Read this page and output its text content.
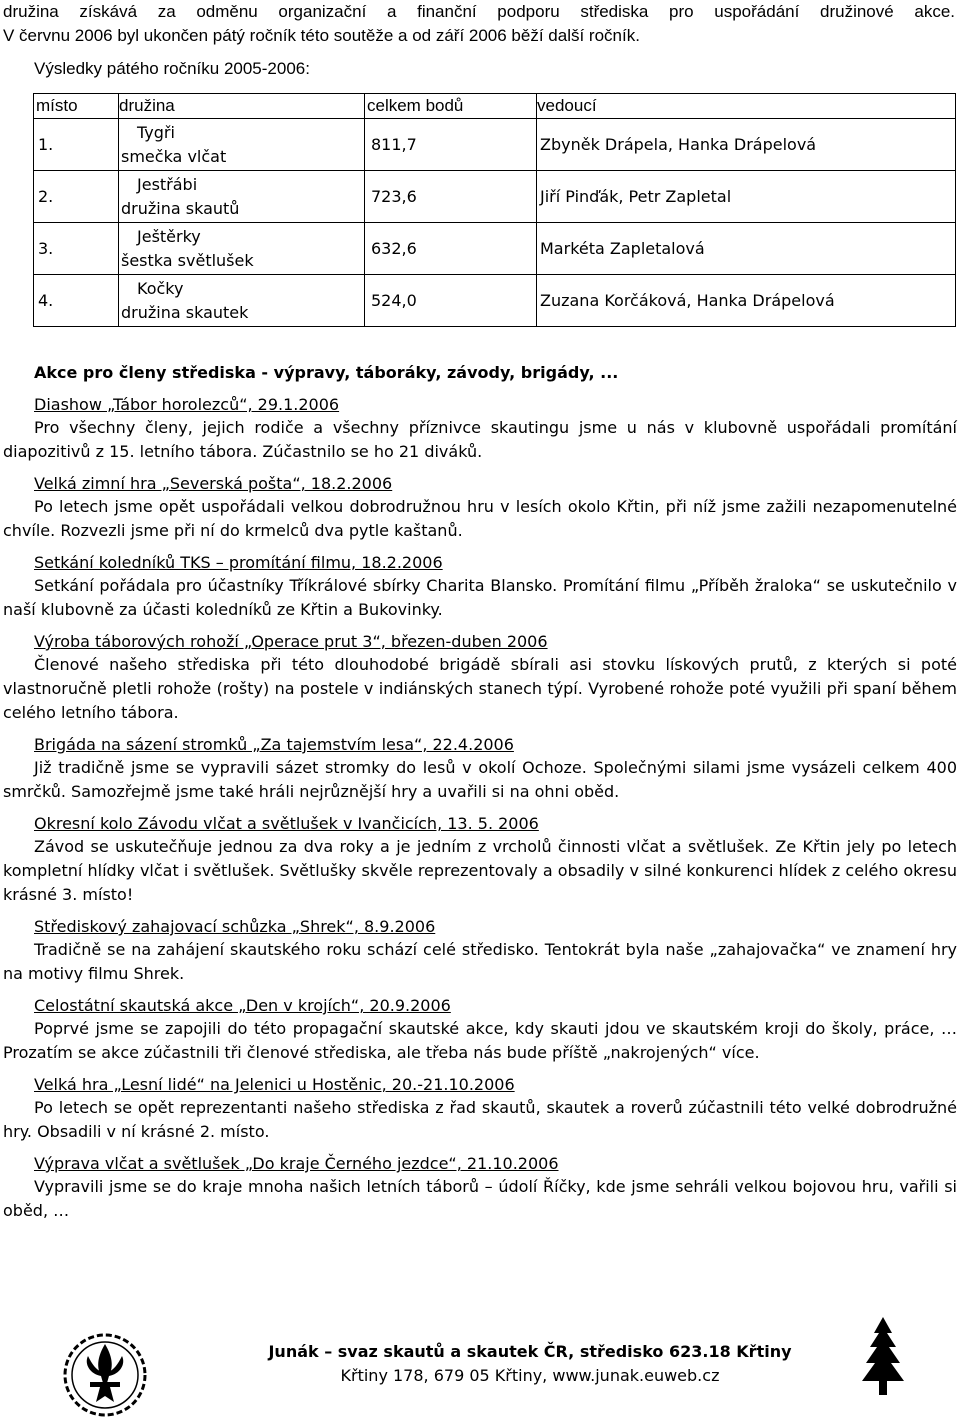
družina získává za odměnu organizační a finanční podporu střediska pro uspořádání družinové akce.

V červnu 2006 byl ukončen pátý ročník této soutěže a od září 2006 běží další ročník.

Výsledky pátého ročníku 2005-2006:
místo	družina	celkem bodů	vedoucí
1.	Tygři
smečka vlčat	811,7	Zbyněk Drápela, Hanka Drápelová
2.	Jestřábi
družina skautů	723,6	Jiří Pinďák, Petr Zapletal
3.	Ještěrky
šestka světlušek	632,6	Markéta Zapletalová
4.	Kočky
družina skautek	524,0	Zuzana Korčáková, Hanka Drápelová
Akce pro členy střediska - výpravy, táboráky, závody, brigády, ...

Diashow „Tábor horolezců“, 29.1.2006

Pro všechny členy, jejich rodiče a všechny příznivce skautingu jsme u nás v klubovně uspořádali promítání diapozitivů z 15. letního tábora. Zúčastnilo se ho 21 diváků.

Velká zimní hra „Severská pošta“, 18.2.2006

Po letech jsme opět uspořádali velkou dobrodružnou hru v lesích okolo Křtin, při níž jsme zažili nezapomenutelné chvíle. Rozvezli jsme při ní do krmelců dva pytle kaštanů.

Setkání koledníků TKS – promítání filmu, 18.2.2006

Setkání pořádala pro účastníky Tříkrálové sbírky Charita Blansko. Promítání filmu „Příběh žraloka“ se uskutečnilo v naší klubovně za účasti koledníků ze Křtin a Bukovinky.

Výroba táborových rohoží „Operace prut 3“, březen-duben 2006

Členové našeho střediska při této dlouhodobé brigádě sbírali asi stovku lískových prutů, z kterých si poté vlastnoručně pletli rohože (rošty) na postele v indiánských stanech týpí. Vyrobené rohože poté využili při spaní během celého letního tábora.

Brigáda na sázení stromků „Za tajemstvím lesa“, 22.4.2006

Již tradičně jsme se vypravili sázet stromky do lesů v okolí Ochoze. Společnými silami jsme vysázeli celkem 400 smrčků. Samozřejmě jsme také hráli nejrůznější hry a uvařili si na ohni oběd.

Okresní kolo Závodu vlčat a světlušek v Ivančicích, 13. 5. 2006

Závod se uskutečňuje jednou za dva roky a je jedním z vrcholů činnosti vlčat a světlušek. Ze Křtin jely po letech kompletní hlídky vlčat i světlušek. Světlušky skvěle reprezentovaly a obsadily v silné konkurenci hlídek z celého okresu krásné 3. místo!

Střediskový zahajovací schůzka „Shrek“, 8.9.2006

Tradičně se na zahájení skautského roku schází celé středisko. Tentokrát byla naše „zahajovačka“ ve znamení hry na motivy filmu Shrek.

Celostátní skautská akce „Den v krojích“, 20.9.2006

Poprvé jsme se zapojili do této propagační skautské akce, kdy skauti jdou ve skautském kroji do školy, práce, … Prozatím se akce zúčastnili tři členové střediska, ale třeba nás bude příště „nakrojených“ více.

Velká hra „Lesní lidé“ na Jelenici u Hostěnic, 20.-21.10.2006

Po letech se opět reprezentanti našeho střediska z řad skautů, skautek a roverů zúčastnili této velké dobrodružné hry. Obsadili v ní krásné 2. místo.

Výprava vlčat a světlušek „Do kraje Černého jezdce“, 21.10.2006

Vypravili jsme se do kraje mnoha našich letních táborů – údolí Říčky, kde jsme sehráli velkou bojovou hru, vařili si oběd, …

Junák – svaz skautů a skautek ČR, středisko 623.18 Křtiny
Křtiny 178, 679 05 Křtiny, www.junak.euweb.cz
